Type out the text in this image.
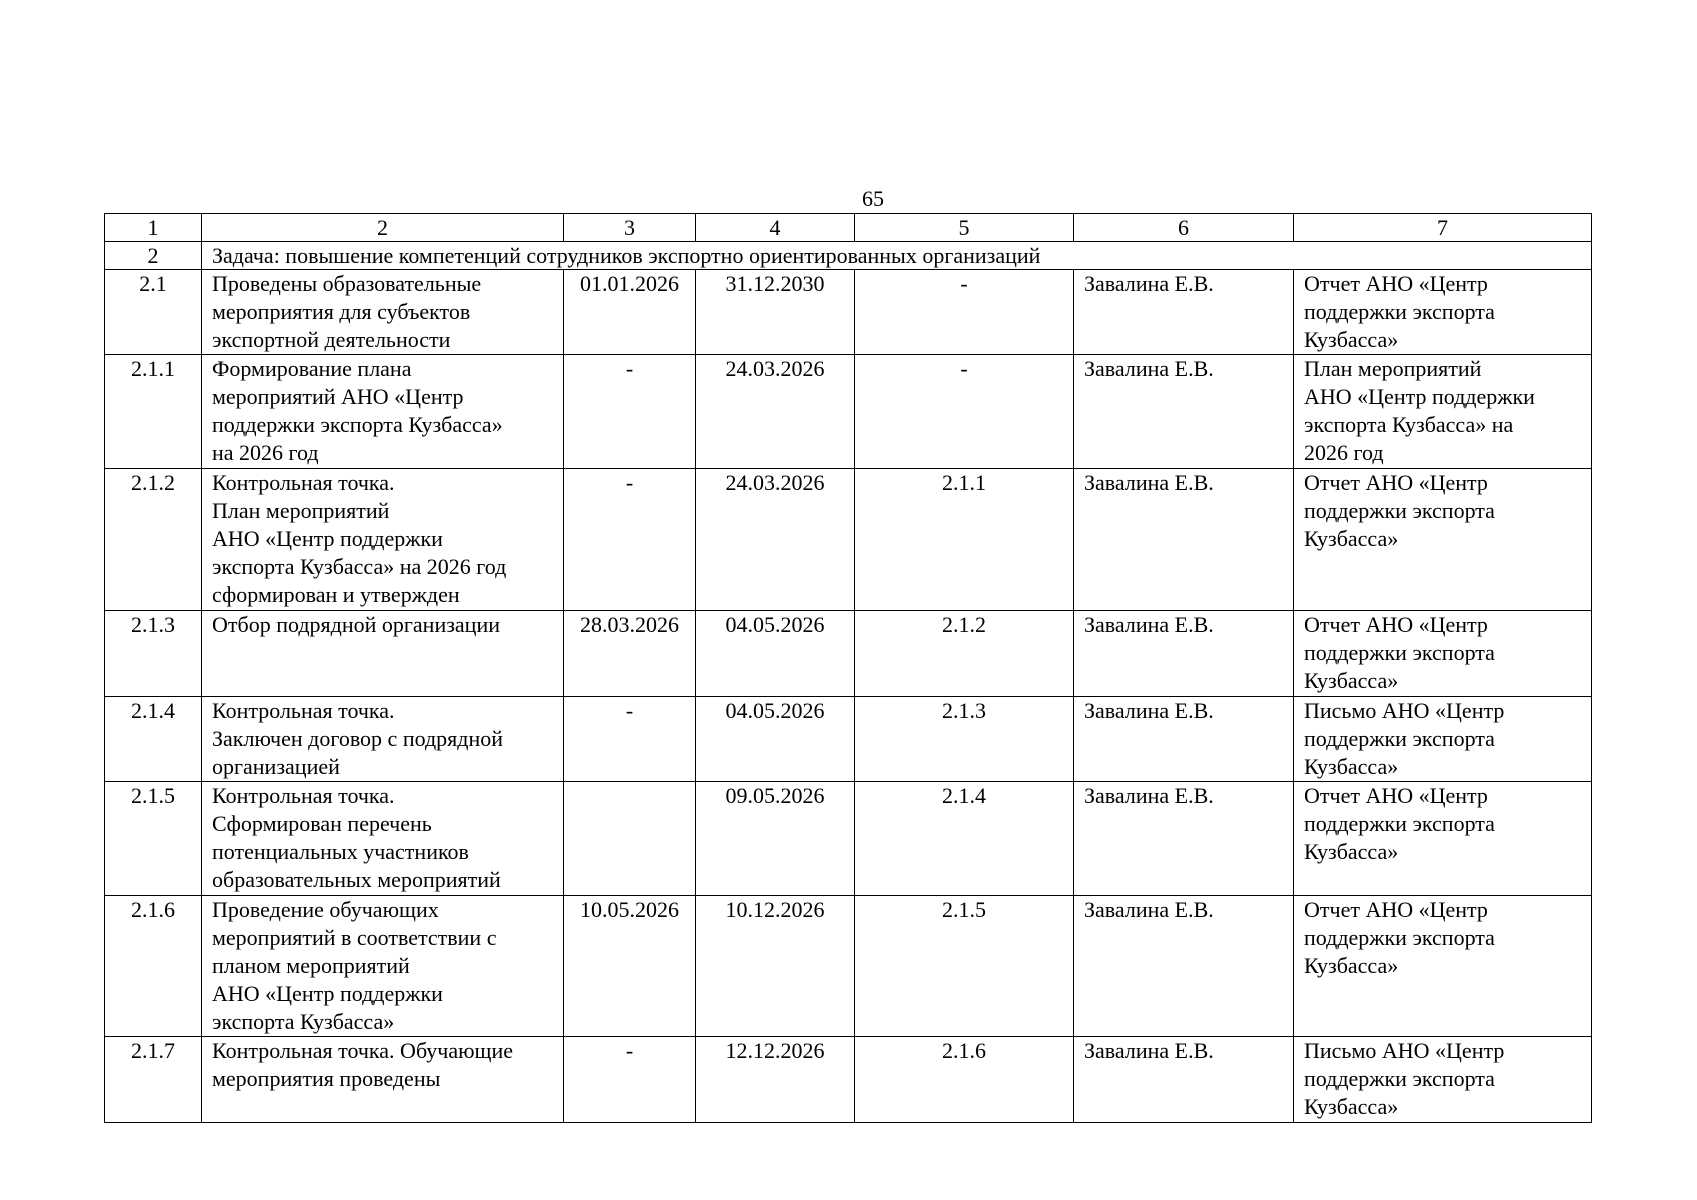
65
1	2	3	4	5	6	7
2	Задача: повышение компетенций сотрудников экспортно ориентированных организаций					
2.1	Проведены образовательные
мероприятия для субъектов
экспортной деятельности	01.01.2026	31.12.2030	-	Завалина Е.В.	Отчет АНО «Центр
поддержки экспорта
Кузбасса»
2.1.1	Формирование плана
мероприятий АНО «Центр
поддержки экспорта Кузбасса»
на 2026 год	-	24.03.2026	-	Завалина Е.В.	План мероприятий
АНО «Центр поддержки
экспорта Кузбасса» на
2026 год
2.1.2	Контрольная точка.
План мероприятий
АНО «Центр поддержки
экспорта Кузбасса» на 2026 год
сформирован и утвержден	-	24.03.2026	2.1.1	Завалина Е.В.	Отчет АНО «Центр
поддержки экспорта
Кузбасса»
2.1.3	Отбор подрядной организации	28.03.2026	04.05.2026	2.1.2	Завалина Е.В.	Отчет АНО «Центр
поддержки экспорта
Кузбасса»
2.1.4	Контрольная точка.
Заключен договор с подрядной
организацией	-	04.05.2026	2.1.3	Завалина Е.В.	Письмо АНО «Центр
поддержки экспорта
Кузбасса»
2.1.5	Контрольная точка.
Сформирован перечень
потенциальных участников
образовательных мероприятий		09.05.2026	2.1.4	Завалина Е.В.	Отчет АНО «Центр
поддержки экспорта
Кузбасса»
2.1.6	Проведение обучающих
мероприятий в соответствии с
планом мероприятий
АНО «Центр поддержки
экспорта Кузбасса»	10.05.2026	10.12.2026	2.1.5	Завалина Е.В.	Отчет АНО «Центр
поддержки экспорта
Кузбасса»
2.1.7	Контрольная точка. Обучающие
мероприятия проведены	-	12.12.2026	2.1.6	Завалина Е.В.	Письмо АНО «Центр
поддержки экспорта
Кузбасса»
